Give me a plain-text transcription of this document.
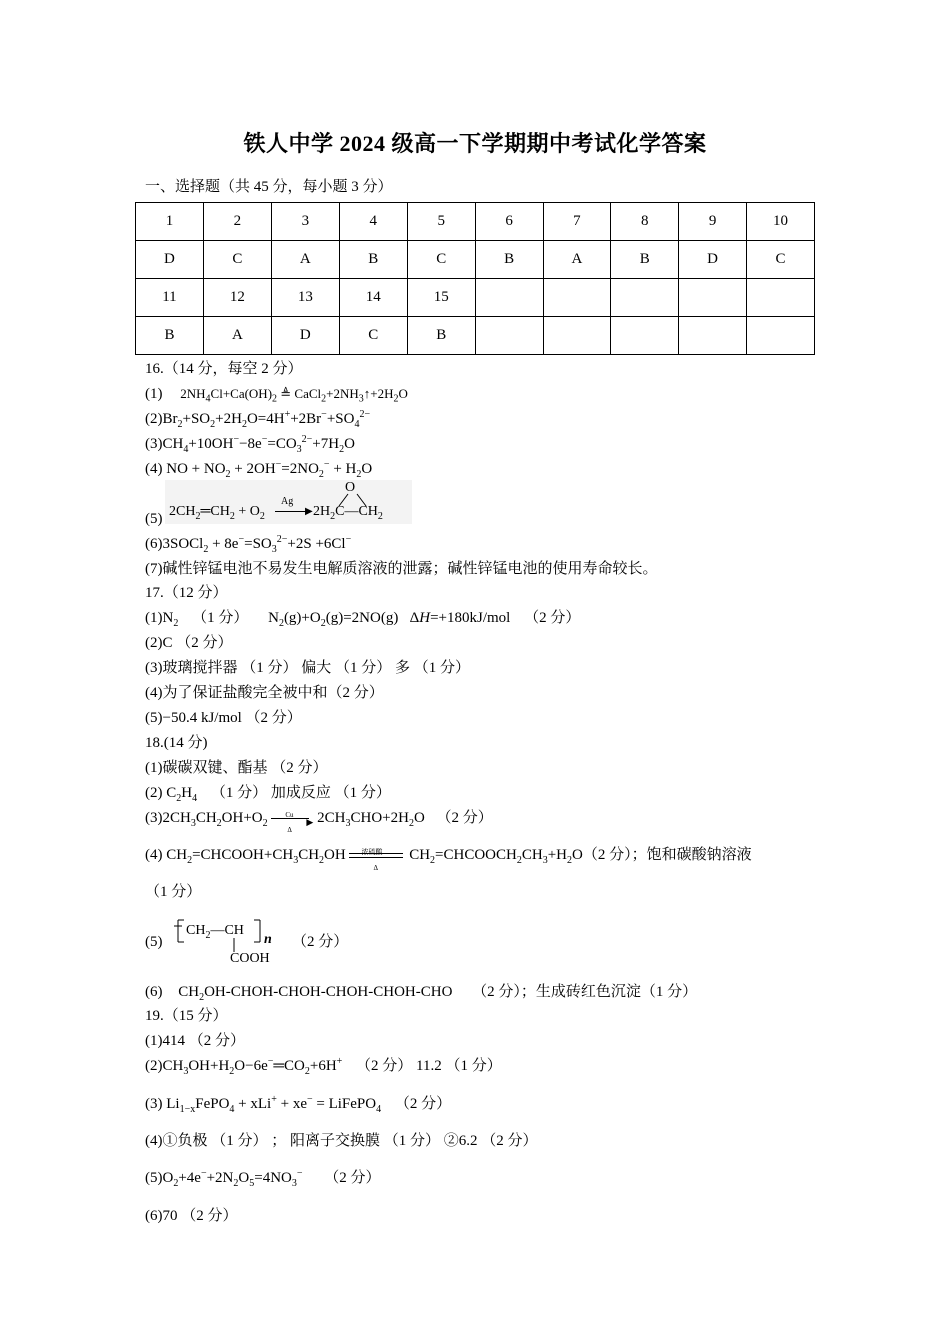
铁人中学 2024 级高一下学期期中考试化学答案
一、选择题（共 45 分，每小题 3 分）
1	2	3	4	5	6	7	8	9	10
D	C	A	B	C	B	A	B	D	C
11	12	13	14	15					
B	A	D	C	B					
16.（14 分，每空 2 分）
(1) $2NH_4Cl+Ca(OH)_2$ ≜ $CaCl_2+2NH_3↑+2H_2O$
$(2)Br_2+SO_2+2H_2O=4H^++2Br^-+SO_4^{2-}$
$(3)CH_4+10OH^--8e^-=CO_3^{2-}+7H_2O$
(4) NO + $NO_2 + 2OH^-=2NO_2^- + H_2O$
(5) $2CH_2═CH_2 + O_2$
Ag
▶ $2H_2C—CH_2$
O
(6)3SOCl$_2$ + $8e^-=SO_3^{2-}+2S +6Cl^-$
(7)碱性锌锰电池不易发生电解质溶液的泄露；碱性锌锰电池的使用寿命较长。
17.（12 分）
$(1)N_2$ （1 分） $N_2(g)+O_2(g)=2NO(g)$   ΔH=+180kJ/mol （2 分）
(2)C （2 分）
(3)玻璃搅拌器 （1 分） 偏大 （1 分） 多 （1 分）
(4)为了保证盐酸完全被中和（2 分）
(5)−50.4 kJ/mol （2 分）
18.(14 分)
(1)碳碳双键、酯基 （2 分）
(2) $C_2H_4$ （1 分） 加成反应 （1 分）
$(3)2CH_3CH_2OH+O_2$
Cu
▶
Δ
$2CH_3CHO+2H_2O$ （2 分）
(4) $CH_2=CHCOOH+CH_3CH_2OH$ 浓硫酸
Δ
$CH_2=CHCOOCH_2CH_3+H_2O(2$ 分）；饱和碳酸钠溶液
（1 分）
(5)
$CH_2—CH$
COOH
n （2 分）
(6) $CH_2OH-CHOH-CHOH-CHOH-CHOH$-CHO （2 分）；生成砖红色沉淀（1 分）
19.（15 分）
(1)414 （2 分）
$(2)CH_3OH+H_2O-6e^-═CO_2+6H^+$ （2 分） 11.2 （1 分）
(3) $Li_{1-x}FePO_4 + xLi^+ + xe^-$ = LiFePO$_4$ （2 分）
(4)①负极 （1 分） ； 阳离子交换膜 （1 分） ②6.2 （2 分）
$(5)O_2+4e^-+2N_2O_5=4NO_3^-$ （2 分）
(6)70 （2 分）
